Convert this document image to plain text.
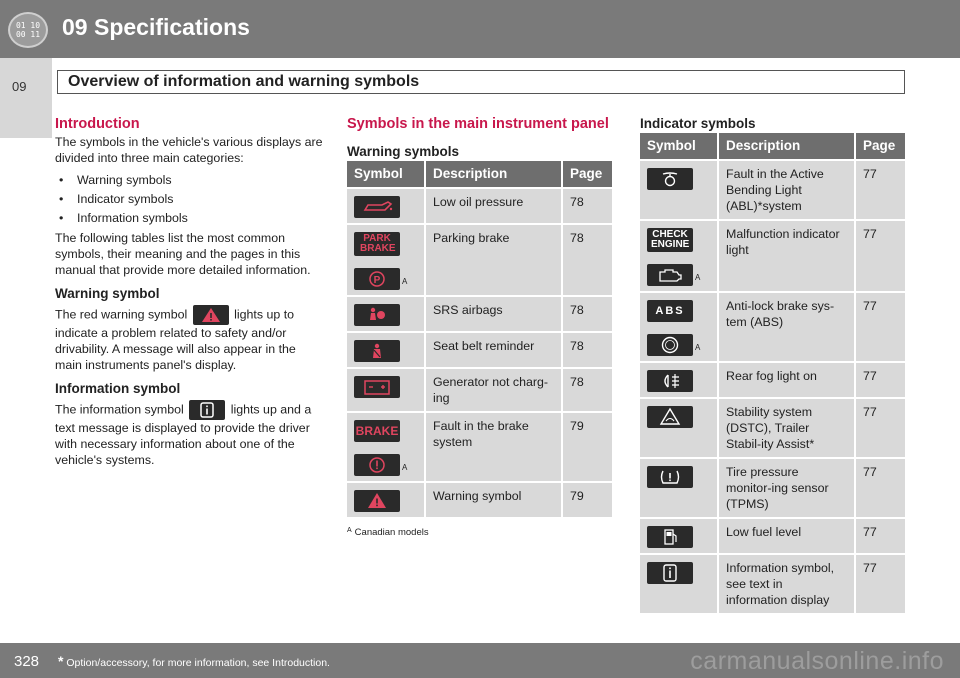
01 10
00 11 09 Specifications
09	Overview of information and warning symbols
Introduction

The symbols in the vehicle's various displays are divided into three main categories:

• Warning symbols
• Indicator symbols
• Information symbols

The following tables list the most common symbols, their meaning and the pages in this manual that provide more detailed information.

Warning symbol

The red warning symbol	lights up to indicate a problem related to safety and/or drivability. A message will also appear in the main instruments panel's display.

Information symbol

The information symbol	lights up and a text message is displayed to provide the driver with necessary information about one of the vehicle's systems.

Symbols in the main instrument panel
Warning symbols
Symbol	Description	Page

	Low oil pressure	78

PARK BRAKE
P A	Parking brake	78

	SRS airbags	78

	Seat belt reminder	78

	Generator not charg-ing	78

BRAKE
A	Fault in the brake system	79

	Warning symbol	79
$^A$ Canadian models
Indicator symbols
Symbol	Description	Page

	Fault in the Active Bending Light (ABL)*system	77

CHECK ENGINE
A	Malfunction indicator light	77

ABS
A	Anti-lock brake sys-tem (ABS)	77

	Rear fog light on	77

	Stability system (DSTC), Trailer Stabil-ity Assist*	77

	Tire pressure monitor-ing sensor (TPMS)	77

	Low fuel level	77

	Information symbol, see text in information display	77
328 * Option/accessory, for more information, see Introduction.	carmanualsonline.info
